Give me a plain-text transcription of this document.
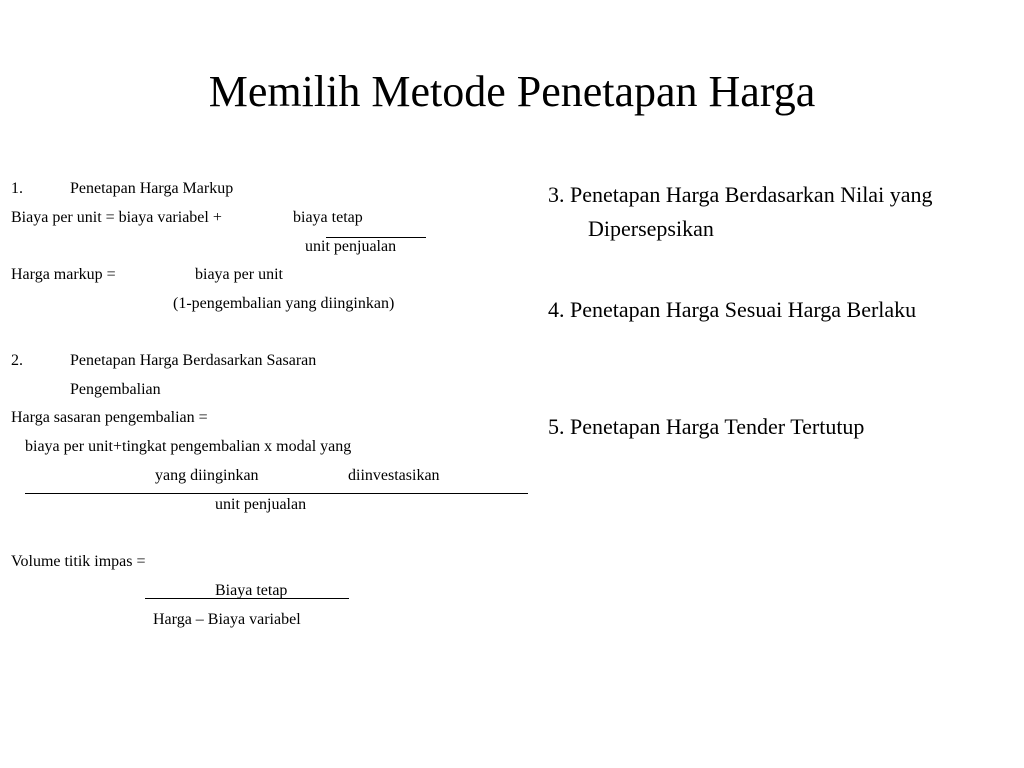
Memilih Metode Penetapan Harga
1.	Penetapan Harga Markup
Biaya per unit = biaya variabel +	biaya tetap
unit penjualan
Harga markup =	biaya per unit
(1-pengembalian yang diinginkan)
2.	Penetapan Harga Berdasarkan Sasaran
Pengembalian
Harga sasaran pengembalian =
biaya per unit+tingkat pengembalian x modal yang
yang diinginkan	diinvestasikan
unit penjualan
Volume titik impas =
Biaya tetap
Harga – Biaya variabel
3. Penetapan Harga Berdasarkan Nilai yang Dipersepsikan
4. Penetapan Harga Sesuai Harga Berlaku
5. Penetapan Harga Tender Tertutup
